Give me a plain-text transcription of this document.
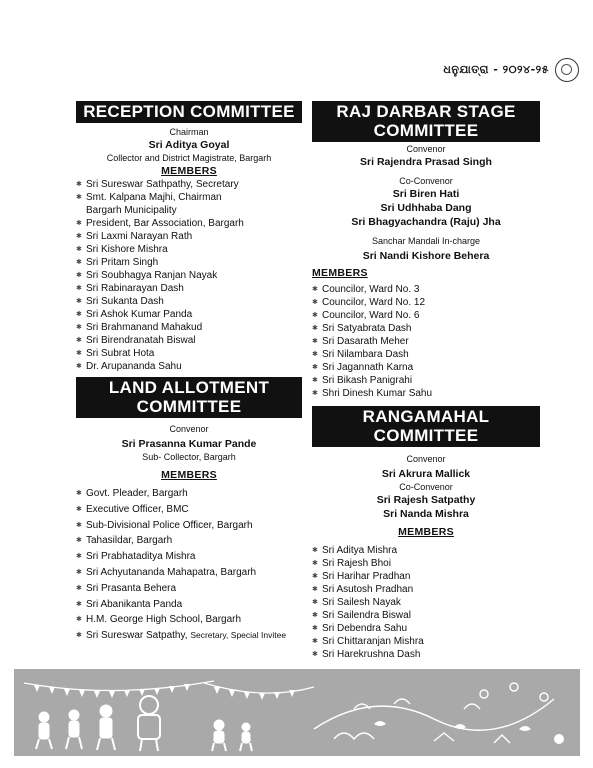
ଧନୁଯାତ୍ରା - ୨୦୨୪-୨୫
RECEPTION COMMITTEE
Chairman
Sri Aditya Goyal
Collector and District Magistrate, Bargarh
MEMBERS
✱ Sri Sureswar Sathpathy, Secretary
✱ Smt. Kalpana Majhi, Chairman
Bargarh Municipality
✱ President, Bar Association, Bargarh
✱ Sri Laxmi Narayan Rath
✱ Sri Kishore Mishra
✱ Sri Pritam Singh
✱ Sri Soubhagya Ranjan Nayak
✱ Sri Rabinarayan Dash
✱ Sri Sukanta Dash
✱ Sri Ashok Kumar Panda
✱ Sri Brahmanand Mahakud
✱ Sri Birendranatah Biswal
✱ Sri Subrat Hota
✱ Dr. Arupananda Sahu
LAND ALLOTMENT
COMMITTEE
Convenor
Sri Prasanna Kumar Pande
Sub- Collector, Bargarh
MEMBERS
✱ Govt. Pleader, Bargarh
✱ Executive Officer, BMC
✱ Sub-Divisional Police Officer, Bargarh
✱ Tahasildar, Bargarh
✱ Sri Prabhataditya Mishra
✱ Sri Achyutananda Mahapatra, Bargarh
✱ Sri Prasanta Behera
✱ Sri Abanikanta Panda
✱ H.M. George High School, Bargarh
✱ Sri Sureswar Satpathy, Secretary, Special Invitee
RAJ DARBAR STAGE
COMMITTEE
Convenor
Sri Rajendra Prasad Singh
Co-Convenor
Sri Biren Hati
Sri Udhhaba Dang
Sri Bhagyachandra (Raju) Jha
Sanchar Mandali In-charge
Sri Nandi Kishore Behera
MEMBERS
✱ Councilor, Ward No. 3
✱ Councilor, Ward No. 12
✱ Councilor, Ward No. 6
✱ Sri Satyabrata Dash
✱ Sri Dasarath Meher
✱ Sri Nilambara Dash
✱ Sri Jagannath Karna
✱ Sri Bikash Panigrahi
✱ Shri Dinesh Kumar Sahu
RANGAMAHAL
COMMITTEE
Convenor
Sri Akrura Mallick
Co-Convenor
Sri Rajesh Satpathy
Sri Nanda Mishra
MEMBERS
✱ Sri Aditya Mishra
✱ Sri Rajesh Bhoi
✱ Sri Harihar Pradhan
✱ Sri Asutosh Pradhan
✱ Sri Sailesh Nayak
✱ Sri Sailendra Biswal
✱ Sri Debendra Sahu
✱ Sri Chittaranjan Mishra
✱ Sri Harekrushna Dash
